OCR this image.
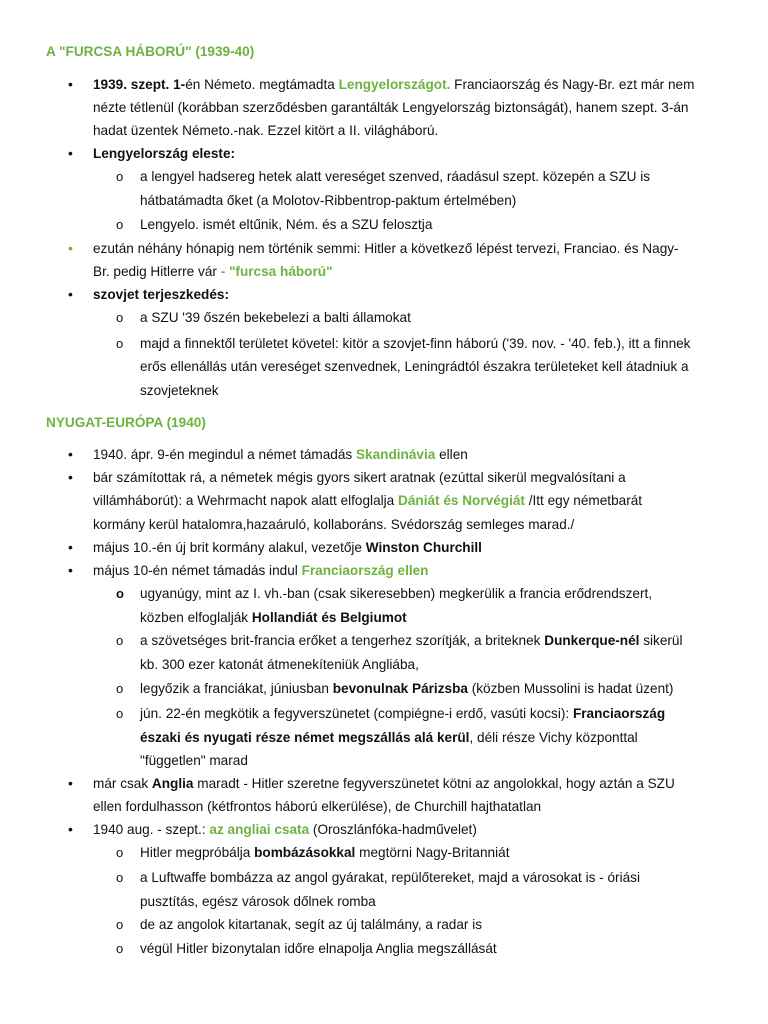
A "FURCSA HÁBORÚ" (1939-40)
• 1939. szept. 1-én Németo. megtámadta Lengyelországot. Franciaország és Nagy-Br. ezt már nem
nézte tétlenül (korábban szerződésben garantálták Lengyelország biztonságát), hanem szept. 3-án
hadat üzentek Németo.-nak. Ezzel kitört a II. világháború.
• Lengyelország eleste:
o a lengyel hadsereg hetek alatt vereséget szenved, ráadásul szept. közepén a SZU is
hátbatámadta őket (a Molotov-Ribbentrop-paktum értelmében)
o Lengyelo. ismét eltűnik, Ném. és a SZU felosztja
• ezután néhány hónapig nem történik semmi: Hitler a következő lépést tervezi, Franciao. és Nagy-
Br. pedig Hitlerre vár - "furcsa háború"
• szovjet terjeszkedés:
o a SZU '39 őszén bekebelezi a balti államokat
o majd a finnektől területet követel: kitör a szovjet-finn háború ('39. nov. - '40. feb.), itt a finnek
erős ellenállás után vereséget szenvednek, Leningrádtól északra területeket kell átadniuk a
szovjeteknek
NYUGAT-EURÓPA (1940)
• 1940. ápr. 9-én megindul a német támadás Skandinávia ellen
• bár számítottak rá, a németek mégis gyors sikert aratnak (ezúttal sikerül megvalósítani a
villámháborút): a Wehrmacht napok alatt elfoglalja Dániát és Norvégiát /Itt egy németbarát
kormány kerül hatalomra,hazaáruló, kollaboráns. Svédország semleges marad./
• május 10.-én új brit kormány alakul, vezetője Winston Churchill
• május 10-én német támadás indul Franciaország ellen
o ugyanúgy, mint az I. vh.-ban (csak sikeresebben) megkerülik a francia erődrendszert,
közben elfoglalják Hollandiát és Belgiumot
o a szövetséges brit-francia erőket a tengerhez szorítják, a briteknek Dunkerque-nél sikerül
kb. 300 ezer katonát átmenekíteniük Angliába,
o legyőzik a franciákat, júniusban bevonulnak Párizsba (közben Mussolini is hadat üzent)
o jún. 22-én megkötik a fegyverszünetet (compiégne-i erdő, vasúti kocsi): Franciaország
északi és nyugati része német megszállás alá kerül, déli része Vichy központtal
"független" marad
• már csak Anglia maradt - Hitler szeretne fegyverszünetet kötni az angolokkal, hogy aztán a SZU
ellen fordulhasson (kétfrontos háború elkerülése), de Churchill hajthatatlan
• 1940 aug. - szept.: az angliai csata (Oroszlánfóka-hadművelet)
o Hitler megpróbálja bombázásokkal megtörni Nagy-Britanniát
o a Luftwaffe bombázza az angol gyárakat, repülőtereket, majd a városokat is - óriási
pusztítás, egész városok dőlnek romba
o de az angolok kitartanak, segít az új találmány, a radar is
o végül Hitler bizonytalan időre elnapolja Anglia megszállását
